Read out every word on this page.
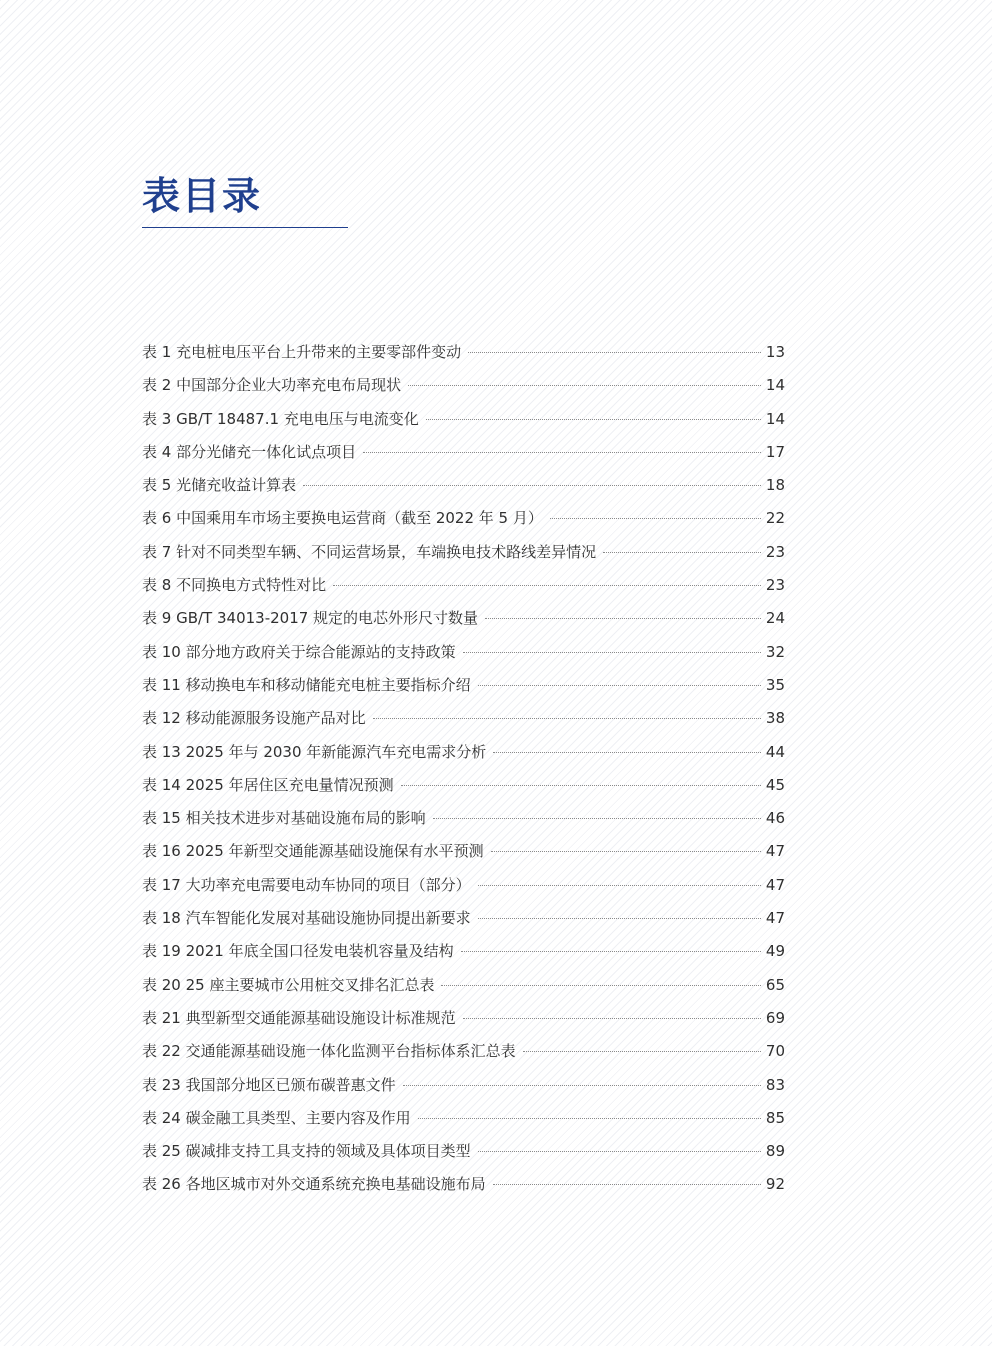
表目录
表 1 充电桩电压平台上升带来的主要零部件变动	13
表 2 中国部分企业大功率充电布局现状	14
表 3 GB/T 18487.1 充电电压与电流变化	14
表 4 部分光储充一体化试点项目	17
表 5 光储充收益计算表	18
表 6 中国乘用车市场主要换电运营商（截至 2022 年 5 月）	22
表 7 针对不同类型车辆、不同运营场景，车端换电技术路线差异情况	23
表 8 不同换电方式特性对比	23
表 9 GB/T 34013-2017 规定的电芯外形尺寸数量	24
表 10 部分地方政府关于综合能源站的支持政策	32
表 11 移动换电车和移动储能充电桩主要指标介绍	35
表 12 移动能源服务设施产品对比	38
表 13 2025 年与 2030 年新能源汽车充电需求分析	44
表 14 2025 年居住区充电量情况预测	45
表 15 相关技术进步对基础设施布局的影响	46
表 16 2025 年新型交通能源基础设施保有水平预测	47
表 17 大功率充电需要电动车协同的项目（部分）	47
表 18 汽车智能化发展对基础设施协同提出新要求	47
表 19 2021 年底全国口径发电装机容量及结构	49
表 20 25 座主要城市公用桩交叉排名汇总表	65
表 21 典型新型交通能源基础设施设计标准规范	69
表 22 交通能源基础设施一体化监测平台指标体系汇总表	70
表 23 我国部分地区已颁布碳普惠文件	83
表 24 碳金融工具类型、主要内容及作用	85
表 25 碳减排支持工具支持的领域及具体项目类型	89
表 26 各地区城市对外交通系统充换电基础设施布局	92
